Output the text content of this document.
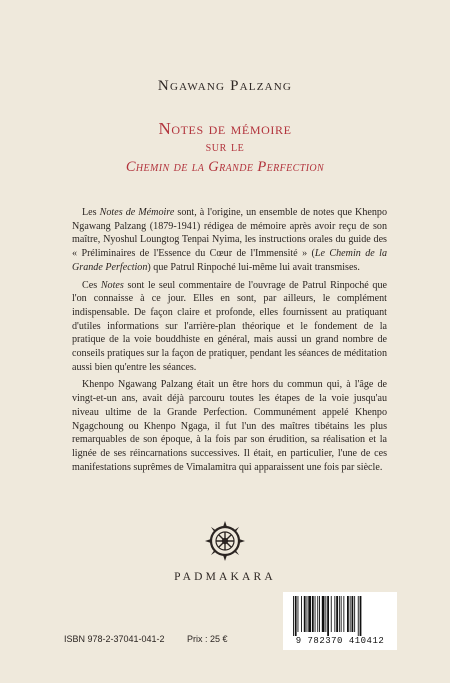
Ngawang Palzang
Notes de mémoire
sur le
Chemin de la Grande Perfection

Les Notes de Mémoire sont, à l'origine, un ensemble de notes que Khenpo Ngawang Palzang (1879-1941) rédigea de mémoire après avoir reçu de son maître, Nyoshul Loungtog Tenpai Nyima, les instructions orales du guide des « Préliminaires de l'Essence du Cœur de l'Immensité » (Le Chemin de la Grande Perfection) que Patrul Rinpoché lui-même lui avait transmises.

Ces Notes sont le seul commentaire de l'ouvrage de Patrul Rinpoché que l'on connaisse à ce jour. Elles en sont, par ailleurs, le complément indispensable. De façon claire et profonde, elles fournissent au pratiquant d'utiles informations sur l'arrière-plan théorique et le fondement de la pratique de la voie bouddhiste en général, mais aussi un grand nombre de conseils pratiques sur la façon de pratiquer, pendant les séances de méditation aussi bien qu'entre les séances.

Khenpo Ngawang Palzang était un être hors du commun qui, à l'âge de vingt-et-un ans, avait déjà parcouru toutes les étapes de la voie jusqu'au niveau ultime de la Grande Perfection. Communément appelé Khenpo Ngagchoung ou Khenpo Ngaga, il fut l'un des maîtres tibétains les plus remarquables de son époque, à la fois par son érudition, sa réalisation et la lignée de ses réincarnations successives. Il était, en particulier, l'une de ces manifestations suprêmes de Vimalamitra qui apparaissent une fois par siècle.

PADMAKARA
ISBN 978-2-37041-041-2 Prix : 25 €	9 782370 410412
